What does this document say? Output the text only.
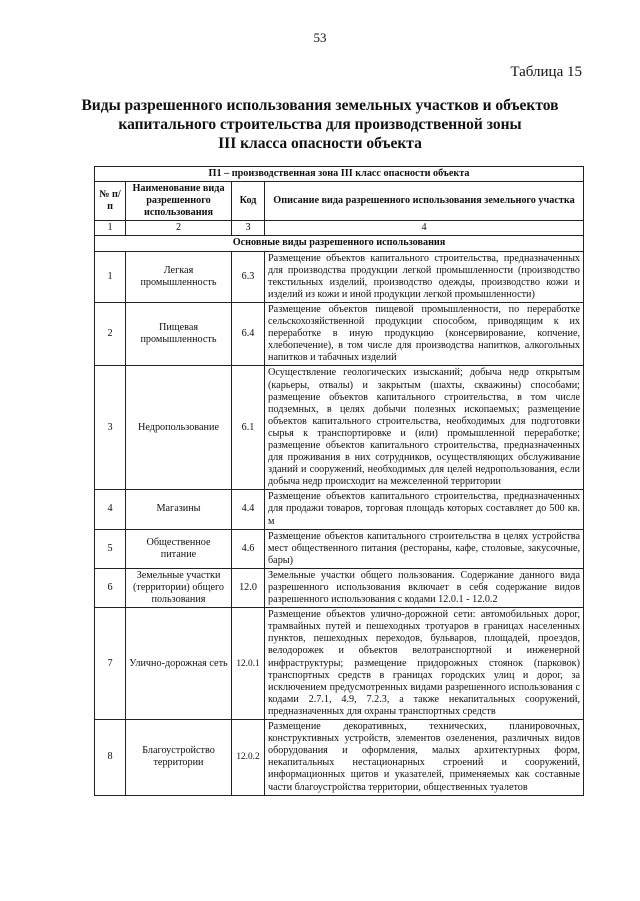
53
Таблица 15
Виды разрешенного использования земельных участков и объектов
капитального строительства для производственной зоны
III класса опасности объекта
П1 – производственная зона III класс опасности объекта			
№ п/п	Наименование вида разрешенного использования	Код	Описание вида разрешенного использования земельного участка
1	2	3	4
Основные виды разрешенного использования			
1	Легкая промышленность	6.3	Размещение объектов капитального строительства, предназначенных для производства продукции легкой промышленности (производство текстильных изделий, производство одежды, производство кожи и изделий из кожи и иной продукции легкой промышленности)
2	Пищевая промышленность	6.4	Размещение объектов пищевой промышленности, по переработке сельскохозяйственной продукции способом, приводящим к их переработке в иную продукцию (консервирование, копчение, хлебопечение), в том числе для производства напитков, алкогольных напитков и табачных изделий
3	Недропользование	6.1	Осуществление геологических изысканий; добыча недр открытым (карьеры, отвалы) и закрытым (шахты, скважины) способами; размещение объектов капитального строительства, в том числе подземных, в целях добычи полезных ископаемых; размещение объектов капитального строительства, необходимых для подготовки сырья к транспортировке и (или) промышленной переработке; размещение объектов капитального строительства, предназначенных для проживания в них сотрудников, осуществляющих обслуживание зданий и сооружений, необходимых для целей недропользования, если добыча недр происходит на межселенной территории
4	Магазины	4.4	Размещение объектов капитального строительства, предназначенных для продажи товаров, торговая площадь которых составляет до 500 кв. м
5	Общественное питание	4.6	Размещение объектов капитального строительства в целях устройства мест общественного питания (рестораны, кафе, столовые, закусочные, бары)
6	Земельные участки (территории) общего пользования	12.0	Земельные участки общего пользования. Содержание данного вида разрешенного использования включает в себя содержание видов разрешенного использования с кодами 12.0.1 - 12.0.2
7	Улично-дорожная сеть	12.0.1	Размещение объектов улично-дорожной сети: автомобильных дорог, трамвайных путей и пешеходных тротуаров в границах населенных пунктов, пешеходных переходов, бульваров, площадей, проездов, велодорожек и объектов велотранспортной и инженерной инфраструктуры; размещение придорожных стоянок (парковок) транспортных средств в границах городских улиц и дорог, за исключением предусмотренных видами разрешенного использования с кодами 2.7.1, 4.9, 7.2.3, а также некапитальных сооружений, предназначенных для охраны транспортных средств
8	Благоустройство территории	12.0.2	Размещение декоративных, технических, планировочных, конструктивных устройств, элементов озеленения, различных видов оборудования и оформления, малых архитектурных форм, некапитальных нестационарных строений и сооружений, информационных щитов и указателей, применяемых как составные части благоустройства территории, общественных туалетов
